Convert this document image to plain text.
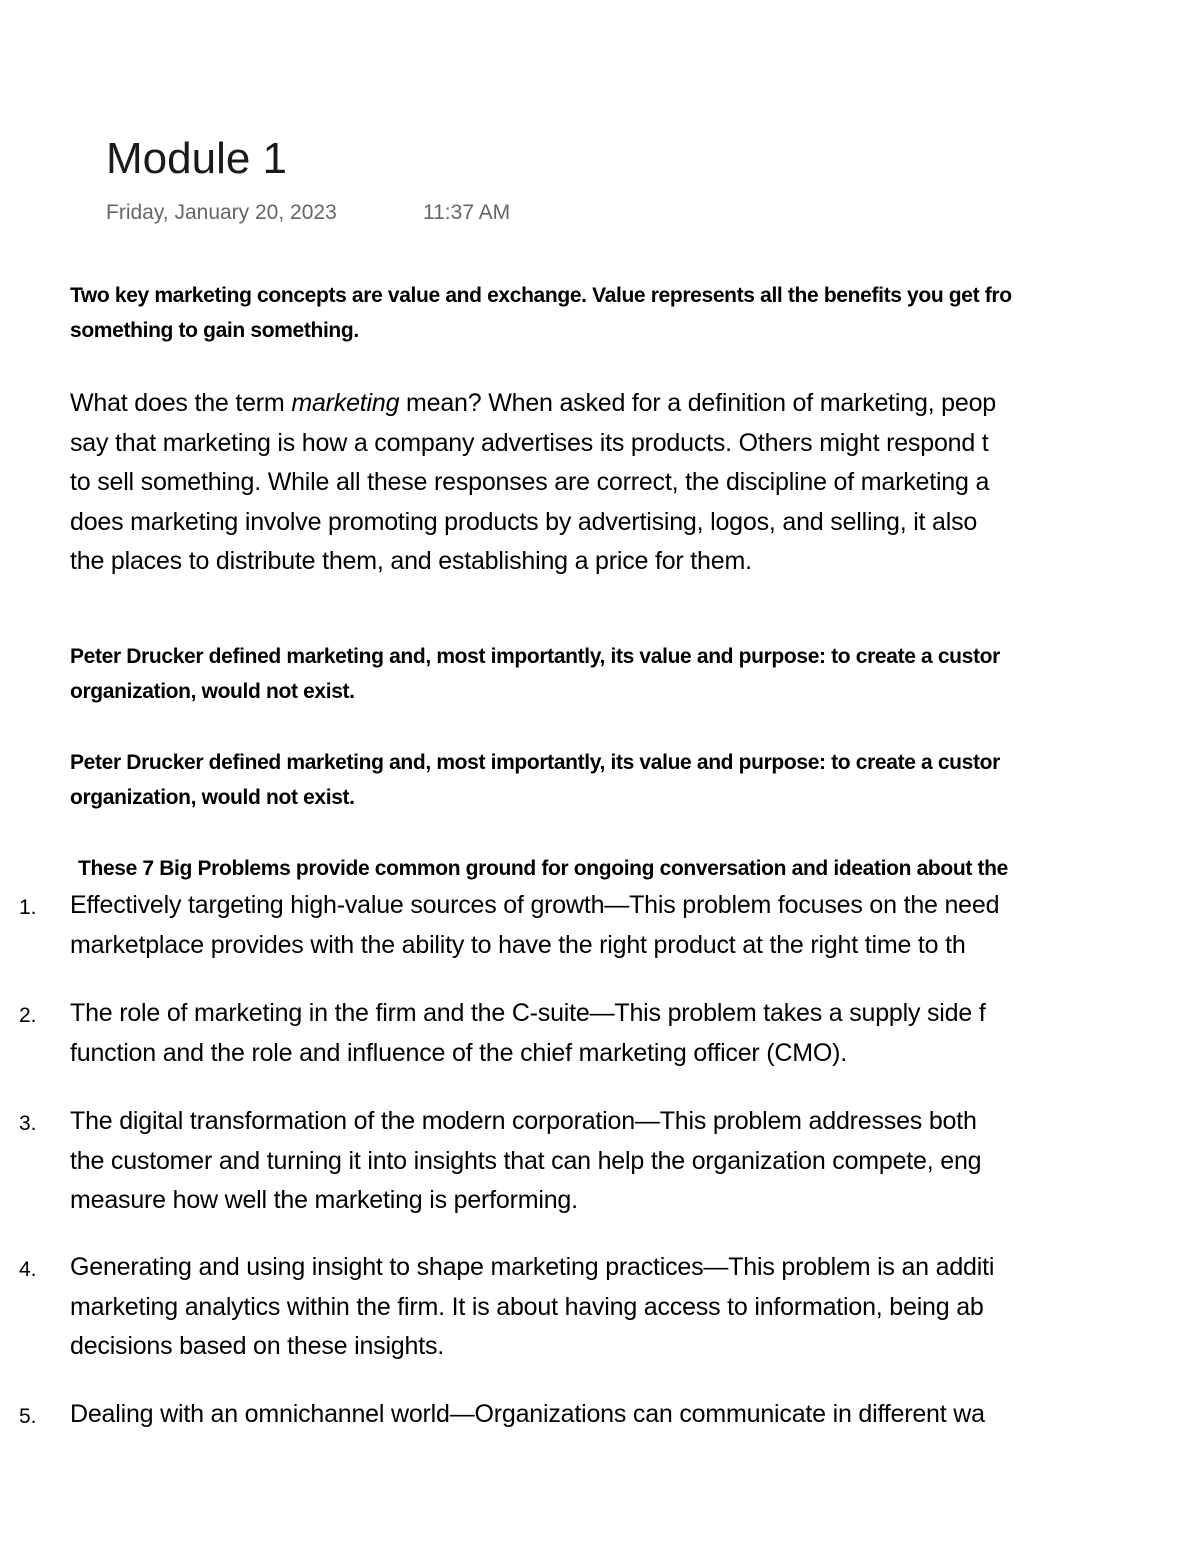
Module 1
Friday, January 20, 2023	11:37 AM
Two key marketing concepts are value and exchange. Value represents all the benefits you get fro
something to gain something.
What does the term marketing mean? When asked for a definition of marketing, peop
say that marketing is how a company advertises its products. Others might respond t
to sell something. While all these responses are correct, the discipline of marketing a
does marketing involve promoting products by advertising, logos, and selling, it also
the places to distribute them, and establishing a price for them.
Peter Drucker defined marketing and, most importantly, its value and purpose: to create a custor
organization, would not exist.
Peter Drucker defined marketing and, most importantly, its value and purpose: to create a custor
organization, would not exist.
These 7 Big Problems provide common ground for ongoing conversation and ideation about the
1.	Effectively targeting high-value sources of growth—This problem focuses on the need
marketplace provides with the ability to have the right product at the right time to th
2.	The role of marketing in the firm and the C-suite—This problem takes a supply side f
function and the role and influence of the chief marketing officer (CMO).
3.	The digital transformation of the modern corporation—This problem addresses both
the customer and turning it into insights that can help the organization compete, eng
measure how well the marketing is performing.
4.	Generating and using insight to shape marketing practices—This problem is an additi
marketing analytics within the firm. It is about having access to information, being ab
decisions based on these insights.
5.	Dealing with an omnichannel world—Organizations can communicate in different wa
